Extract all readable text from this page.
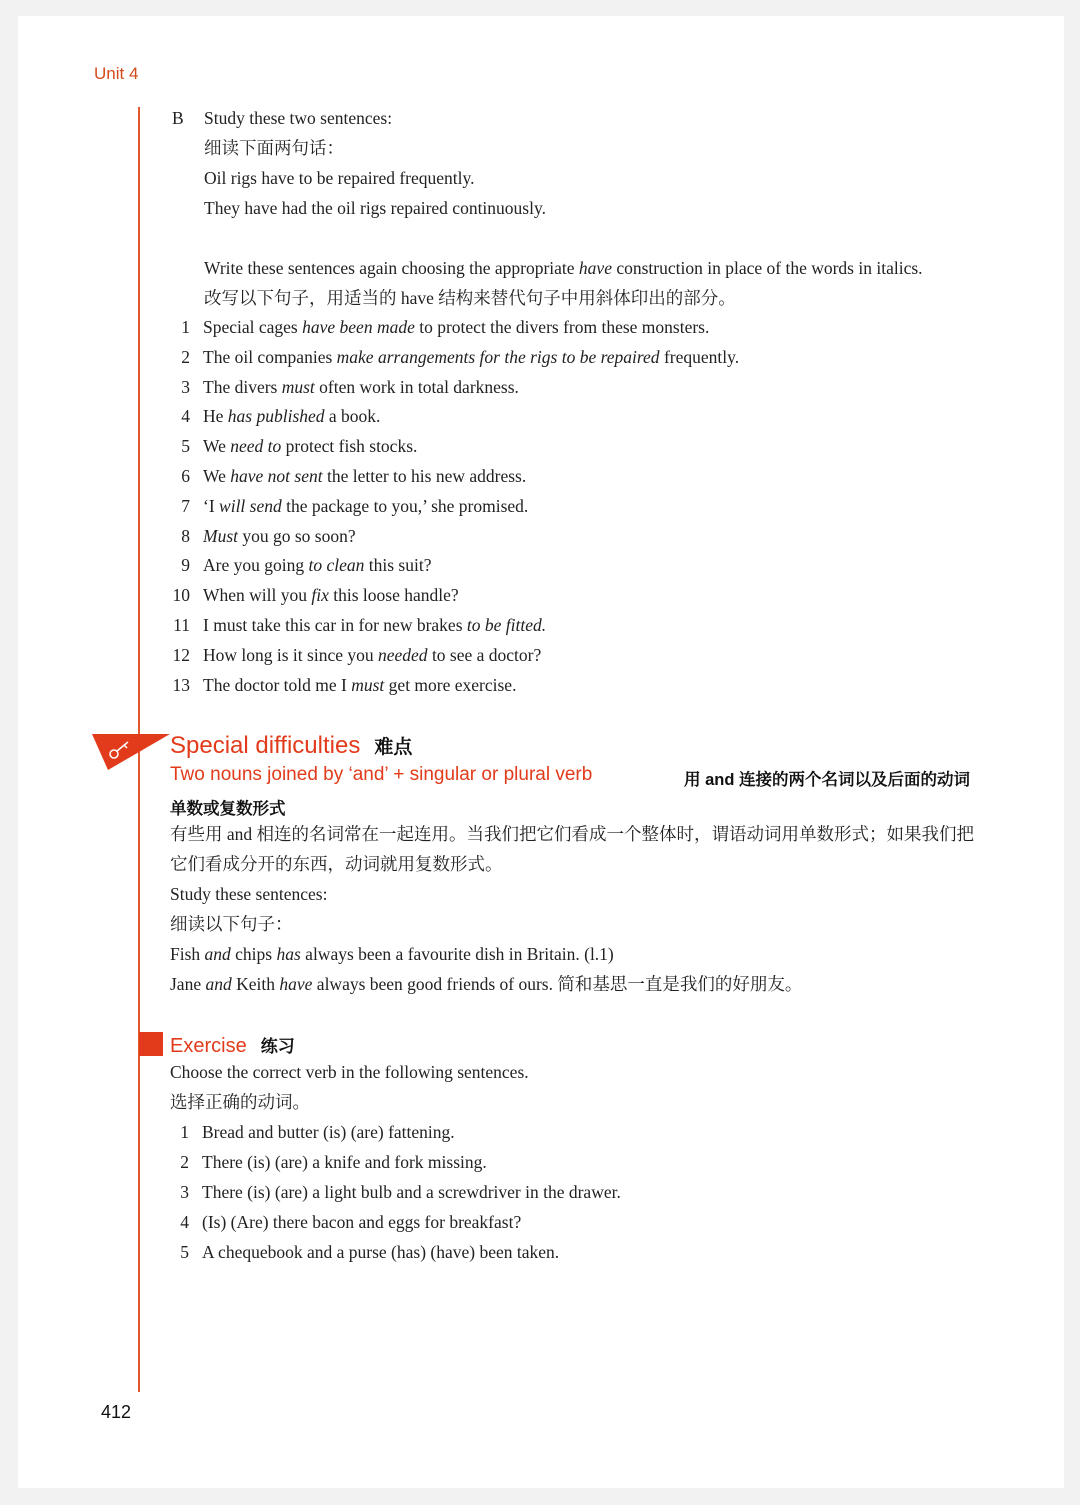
Unit 4
B Study these two sentences:
细读下面两句话：
Oil rigs have to be repaired frequently.
They have had the oil rigs repaired continuously.
Write these sentences again choosing the appropriate have construction in place of the words in italics.
改写以下句子，用适当的 have 结构来替代句子中用斜体印出的部分。
1 Special cages have been made to protect the divers from these monsters.
2 The oil companies make arrangements for the rigs to be repaired frequently.
3 The divers must often work in total darkness.
4 He has published a book.
5 We need to protect fish stocks.
6 We have not sent the letter to his new address.
7 ‘I will send the package to you,’ she promised.
8 Must you go so soon?
9 Are you going to clean this suit?
10 When will you fix this loose handle?
11 I must take this car in for new brakes to be fitted.
12 How long is it since you needed to see a doctor?
13 The doctor told me I must get more exercise.
Special difficulties 难点
Two nouns joined by ‘and’ + singular or plural verb	用 and 连接的两个名词以及后面的动词
单数或复数形式
有些用 and 相连的名词常在一起连用。当我们把它们看成一个整体时，谓语动词用单数形式；如果我们把
它们看成分开的东西，动词就用复数形式。
Study these sentences:
细读以下句子：
Fish and chips has always been a favourite dish in Britain. (l.1)
Jane and Keith have always been good friends of ours. 简和基思一直是我们的好朋友。
Exercise 练习
Choose the correct verb in the following sentences.
选择正确的动词。
1 Bread and butter (is) (are) fattening.
2 There (is) (are) a knife and fork missing.
3 There (is) (are) a light bulb and a screwdriver in the drawer.
4 (Is) (Are) there bacon and eggs for breakfast?
5 A chequebook and a purse (has) (have) been taken.
412
